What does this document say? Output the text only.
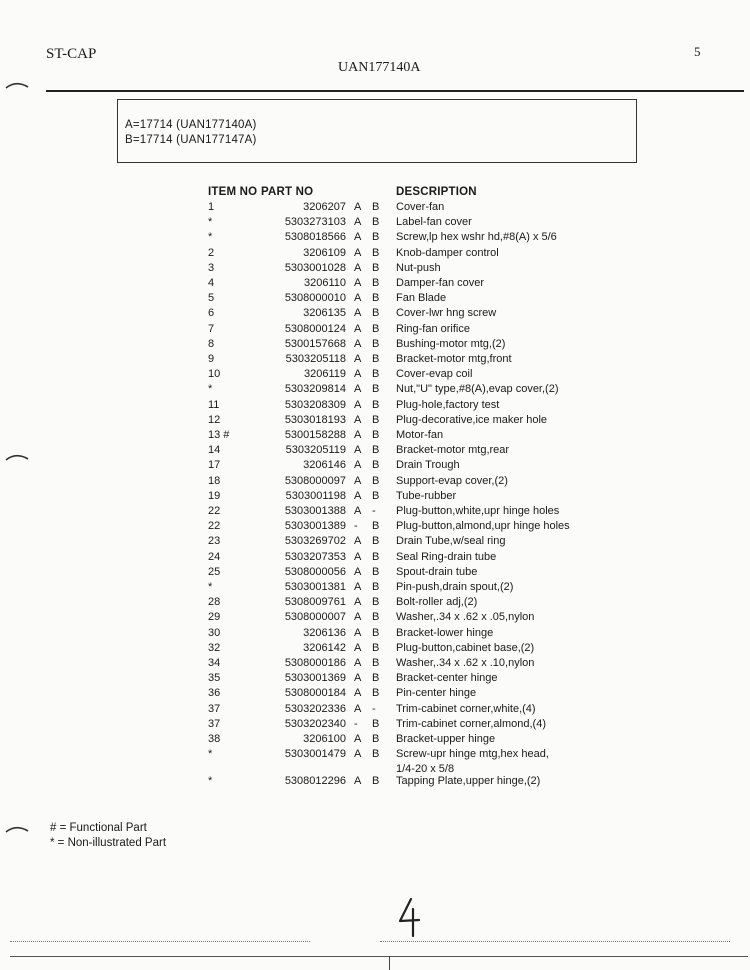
ST-CAP
UAN177140A
5
A=17714 (UAN177140A)
B=17714 (UAN177147A)
ITEM NO PART NO	DESCRIPTION
1	3206207 A B Cover-fan
*	5303273103 A B Label-fan cover
*	5308018566 A B Screw,lp hex wshr hd,#8(A) x 5/6
2	3206109 A B Knob-damper control
3	5303001028 A B Nut-push
4	3206110 A B Damper-fan cover
5	5308000010 A B Fan Blade
6	3206135 A B Cover-lwr hng screw
7	5308000124 A B Ring-fan orifice
8	5300157668 A B Bushing-motor mtg,(2)
9	5303205118 A B Bracket-motor mtg,front
10	3206119 A B Cover-evap coil
*	5303209814 A B Nut,"U" type,#8(A),evap cover,(2)
11	5303208309 A B Plug-hole,factory test
12	5303018193 A B Plug-decorative,ice maker hole
13 #	5300158288 A B Motor-fan
14	5303205119 A B Bracket-motor mtg,rear
17	3206146 A B Drain Trough
18	5308000097 A B Support-evap cover,(2)
19	5303001198 A B Tube-rubber
22	5303001388 A - Plug-button,white,upr hinge holes
22	5303001389 - B Plug-button,almond,upr hinge holes
23	5303269702 A B Drain Tube,w/seal ring
24	5303207353 A B Seal Ring-drain tube
25	5308000056 A B Spout-drain tube
*	5303001381 A B Pin-push,drain spout,(2)
28	5308009761 A B Bolt-roller adj,(2)
29	5308000007 A B Washer,.34 x .62 x .05,nylon
30	3206136 A B Bracket-lower hinge
32	3206142 A B Plug-button,cabinet base,(2)
34	5308000186 A B Washer,.34 x .62 x .10,nylon
35	5303001369 A B Bracket-center hinge
36	5308000184 A B Pin-center hinge
37	5303202336 A - Trim-cabinet corner,white,(4)
37	5303202340 - B Trim-cabinet corner,almond,(4)
38	3206100 A B Bracket-upper hinge
*	5303001479 A B Screw-upr hinge mtg,hex head,
1/4-20 x 5/8
*	5308012296 A B Tapping Plate,upper hinge,(2)
# = Functional Part
* = Non-illustrated Part
